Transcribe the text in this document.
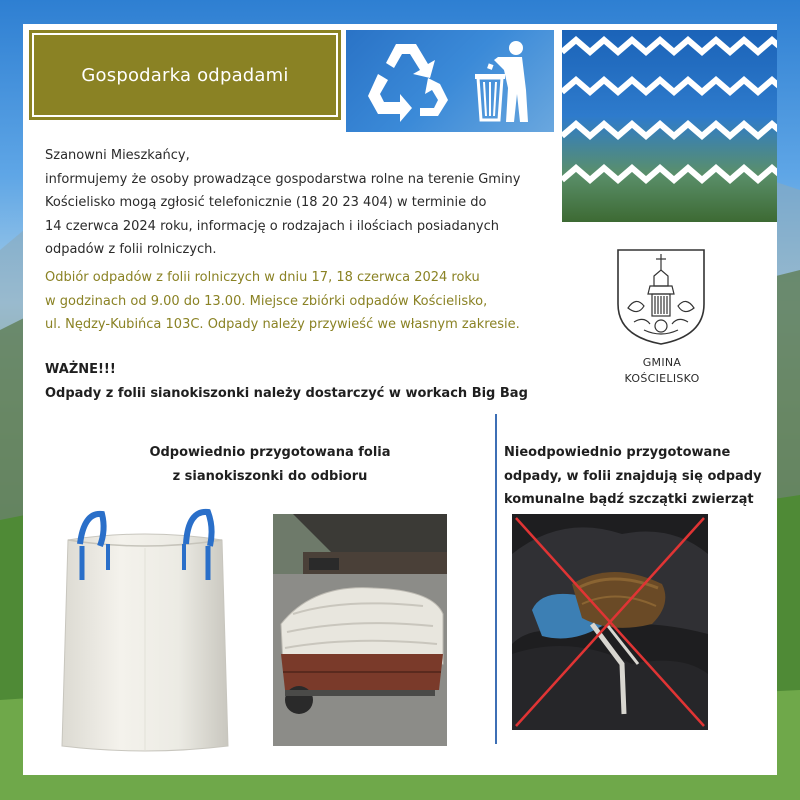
Gospodarka odpadami
Szanowni Mieszkańcy,
informujemy że osoby prowadzące gospodarstwa rolne na terenie Gminy
Kościelisko mogą zgłosić telefonicznie (18 20 23 404) w terminie do
14 czerwca 2024 roku, informację o rodzajach i ilościach posiadanych
odpadów z folii rolniczych.
Odbiór odpadów z folii rolniczych w dniu 17, 18 czerwca 2024 roku
w godzinach od 9.00 do 13.00. Miejsce zbiórki odpadów Kościelisko,
ul. Nędzy-Kubińca 103C. Odpady należy przywieść we własnym zakresie.
WAŻNE!!!
Odpady z folii sianokiszonki należy dostarczyć w workach Big Bag
GMINA
KOŚCIELISKO
Odpowiednio przygotowana folia
z sianokiszonki do odbioru
Nieodpowiednio przygotowane
odpady, w folii znajdują się odpady
komunalne bądź szczątki zwierząt
